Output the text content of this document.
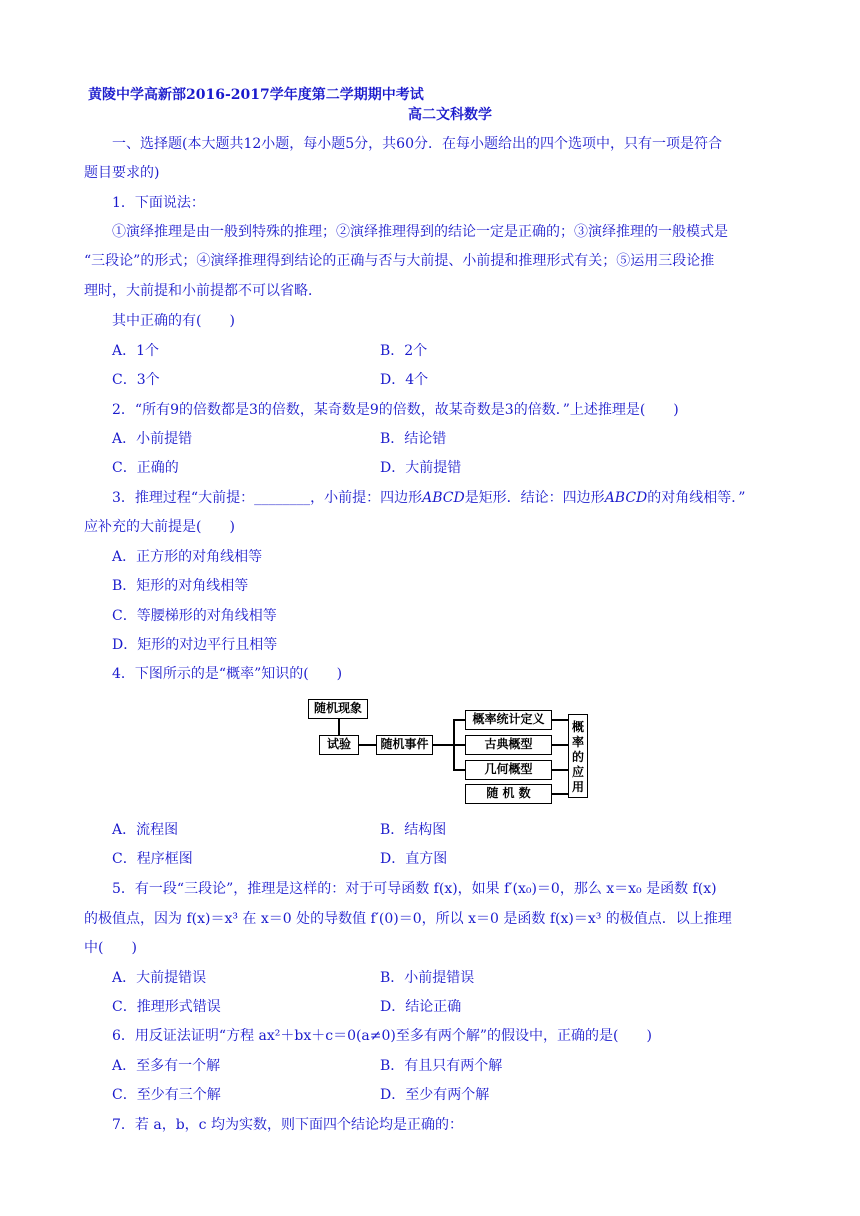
黄陵中学高新部2016-2017学年度第二学期期中考试
高二文科数学
一、选择题(本大题共12小题，每小题5分，共60分．在每小题给出的四个选项中，只有一项是符合
题目要求的)
1．下面说法：
①演绎推理是由一般到特殊的推理；②演绎推理得到的结论一定是正确的；③演绎推理的一般模式是
“三段论”的形式；④演绎推理得到结论的正确与否与大前提、小前提和推理形式有关；⑤运用三段论推
理时，大前提和小前提都不可以省略．
其中正确的有(　　)
A．1个	B．2个
C．3个	D．4个
2．“所有9的倍数都是3的倍数，某奇数是9的倍数，故某奇数是3的倍数．”上述推理是(　　)
A．小前提错	B．结论错
C．正确的	D．大前提错
3．推理过程“大前提：________，小前提：四边形ABCD是矩形．结论：四边形ABCD的对角线相等．”
应补充的大前提是(　　)
A．正方形的对角线相等
B．矩形的对角线相等
C．等腰梯形的对角线相等
D．矩形的对边平行且相等
4．下图所示的是“概率”知识的(　　)
随机现象
试验	随机事件
概率统计定义
古典概型
几何概型
随 机 数
概率的应用
A．流程图	B．结构图
C．程序框图	D．直方图
5．有一段“三段论”，推理是这样的：对于可导函数 f(x)，如果 f′(x₀)＝0，那么 x＝x₀ 是函数 f(x)
的极值点，因为 f(x)＝x³ 在 x＝0 处的导数值 f′(0)＝0，所以 x＝0 是函数 f(x)＝x³ 的极值点．以上推理
中(　　)
A．大前提错误	B．小前提错误
C．推理形式错误	D．结论正确
6．用反证法证明“方程 ax²＋bx＋c＝0(a≠0)至多有两个解”的假设中，正确的是(　　)
A．至多有一个解	B．有且只有两个解
C．至少有三个解	D．至少有两个解
7．若 a，b，c 均为实数，则下面四个结论均是正确的：
